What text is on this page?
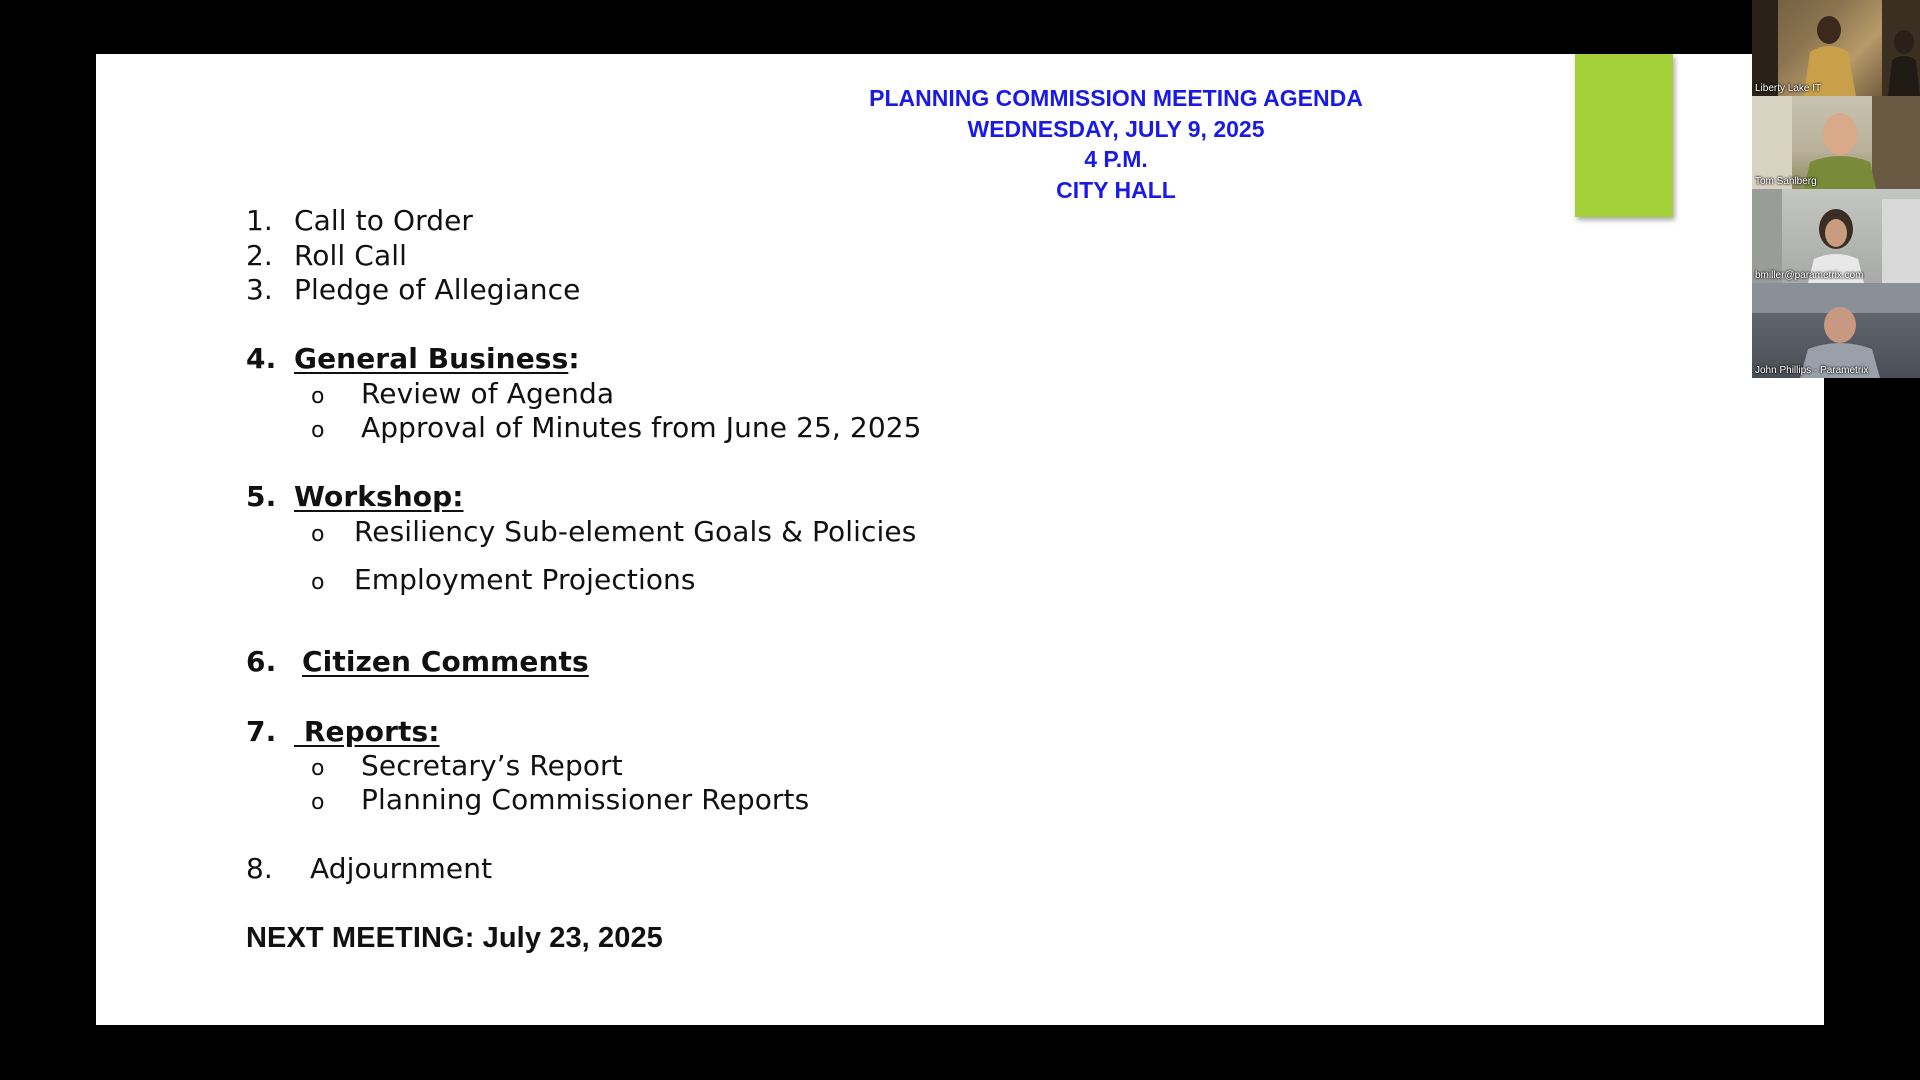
PLANNING COMMISSION MEETING AGENDA
WEDNESDAY, JULY 9, 2025
4 P.M.
CITY HALL
1. Call to Order
2. Roll Call
3. Pledge of Allegiance
4. General Business:
o Review of Agenda
o Approval of Minutes from June 25, 2025
5. Workshop:
o Resiliency Sub-element Goals & Policies
o Employment Projections
6. Citizen Comments
7. Reports:
o Secretary’s Report
o Planning Commissioner Reports
8. Adjournment
NEXT MEETING: July 23, 2025
Liberty Lake IT
Tom Sahlberg
bmiller@parametrix.com
John Phillips - Parametrix
